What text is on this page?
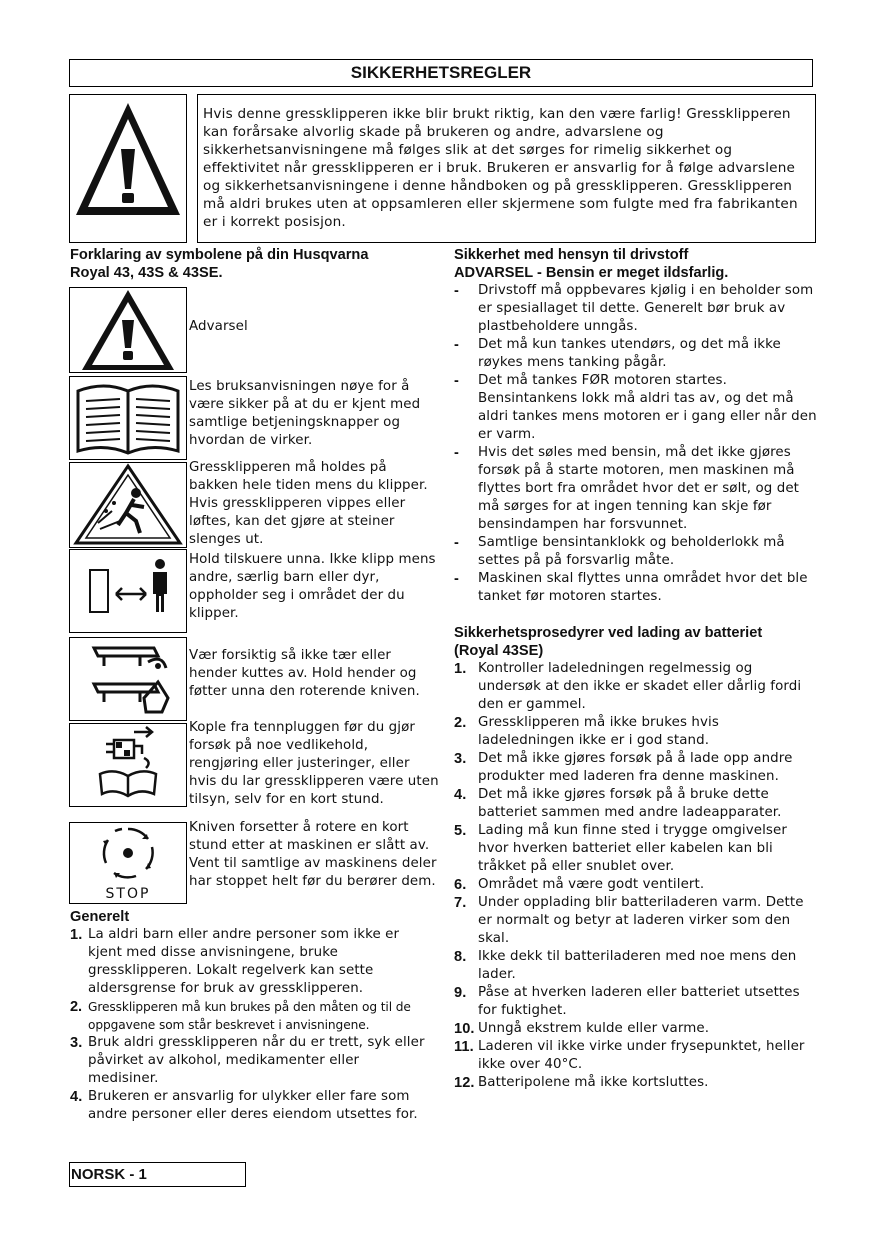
SIKKERHETSREGLER
Hvis denne gressklipperen ikke blir brukt riktig, kan den være farlig! Gressklipperen kan forårsake alvorlig skade på brukeren og andre, advarslene og sikkerhetsanvisningene må følges slik at det sørges for rimelig sikkerhet og effektivitet når gressklipperen er i bruk. Brukeren er ansvarlig for å følge advarslene og sikkerhetsanvisningene i denne håndboken og på gressklipperen. Gressklipperen må aldri brukes uten at oppsamleren eller skjermene som fulgte med fra fabrikanten er i korrekt posisjon.
Forklaring av symbolene på din Husqvarna
Royal 43, 43S & 43SE.
Advarsel
Les bruksanvisningen nøye for å være sikker på at du er kjent med samtlige betjeningsknapper og hvordan de virker.
Gressklipperen må holdes på bakken hele tiden mens du klipper. Hvis gressklipperen vippes eller løftes, kan det gjøre at steiner slenges ut.
Hold tilskuere unna. Ikke klipp mens andre, særlig barn eller dyr, oppholder seg i området der du klipper.
Vær forsiktig så ikke tær eller hender kuttes av. Hold hender og føtter unna den roterende kniven.
Kople fra tennpluggen før du gjør forsøk på noe vedlikehold, rengjøring eller justeringer, eller hvis du lar gressklipperen være uten tilsyn, selv for en kort stund.
STOP
Kniven forsetter å rotere en kort stund etter at maskinen er slått av. Vent til samtlige av maskinens deler har stoppet helt før du berører dem.
Generelt
1. La aldri barn eller andre personer som ikke er kjent med disse anvisningene, bruke gressklipperen. Lokalt regelverk kan sette aldersgrense for bruk av gressklipperen.
2. Gressklipperen må kun brukes på den måten og til de oppgavene som står beskrevet i anvisningene.
3. Bruk aldri gressklipperen når du er trett, syk eller påvirket av alkohol, medikamenter eller medisiner.
4. Brukeren er ansvarlig for ulykker eller fare som andre personer eller deres eiendom utsettes for.
Sikkerhet med hensyn til drivstoff
ADVARSEL - Bensin er meget ildsfarlig.
- Drivstoff må oppbevares kjølig i en beholder som er spesiallaget til dette. Generelt bør bruk av plastbeholdere unngås.
- Det må kun tankes utendørs, og det må ikke røykes mens tanking pågår.
- Det må tankes FØR motoren startes. Bensintankens lokk må aldri tas av, og det må aldri tankes mens motoren er i gang eller når den er varm.
- Hvis det søles med bensin, må det ikke gjøres forsøk på å starte motoren, men maskinen må flyttes bort fra området hvor det er sølt, og det må sørges for at ingen tenning kan skje før bensindampen har forsvunnet.
- Samtlige bensintanklokk og beholderlokk må settes på på forsvarlig måte.
- Maskinen skal flyttes unna området hvor det ble tanket før motoren startes.
Sikkerhetsprosedyrer ved lading av batteriet
(Royal 43SE)
1. Kontroller ladeledningen regelmessig og undersøk at den ikke er skadet eller dårlig fordi den er gammel.
2. Gressklipperen må ikke brukes hvis ladeledningen ikke er i god stand.
3. Det må ikke gjøres forsøk på å lade opp andre produkter med laderen fra denne maskinen.
4. Det må ikke gjøres forsøk på å bruke dette batteriet sammen med andre ladeapparater.
5. Lading må kun finne sted i trygge omgivelser hvor hverken batteriet eller kabelen kan bli tråkket på eller snublet over.
6. Området må være godt ventilert.
7. Under opplading blir batteriladeren varm. Dette er normalt og betyr at laderen virker som den skal.
8. Ikke dekk til batteriladeren med noe mens den lader.
9. Påse at hverken laderen eller batteriet utsettes for fuktighet.
10. Unngå ekstrem kulde eller varme.
11. Laderen vil ikke virke under frysepunktet, heller ikke over 40°C.
12. Batteripolene må ikke kortsluttes.
NORSK - 1
